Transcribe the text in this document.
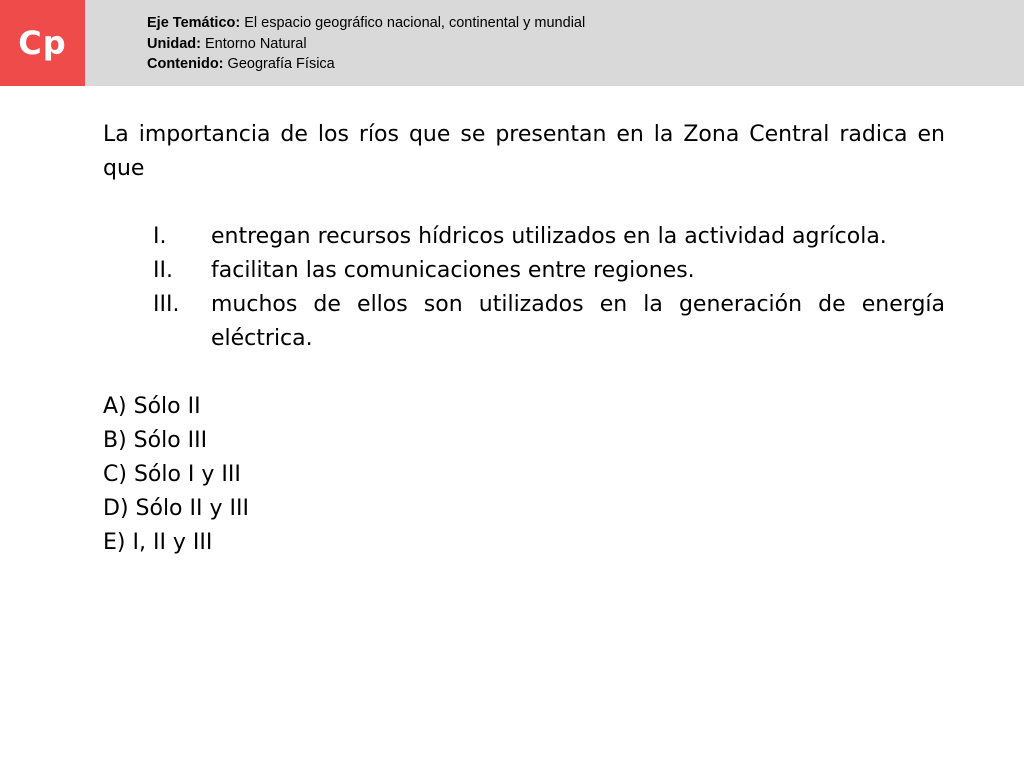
Cp
Eje Temático: El espacio geográfico nacional, continental y mundial
Unidad: Entorno Natural
Contenido: Geografía Física

La importancia de los ríos que se presentan en la Zona Central radica en que

I.	entregan recursos hídricos utilizados en la actividad agrícola.
II.	facilitan las comunicaciones entre regiones.
III.	muchos de ellos son utilizados en la generación de energía eléctrica.
A) Sólo II
B) Sólo III
C) Sólo I y III
D) Sólo II y III
E) I, II y III
